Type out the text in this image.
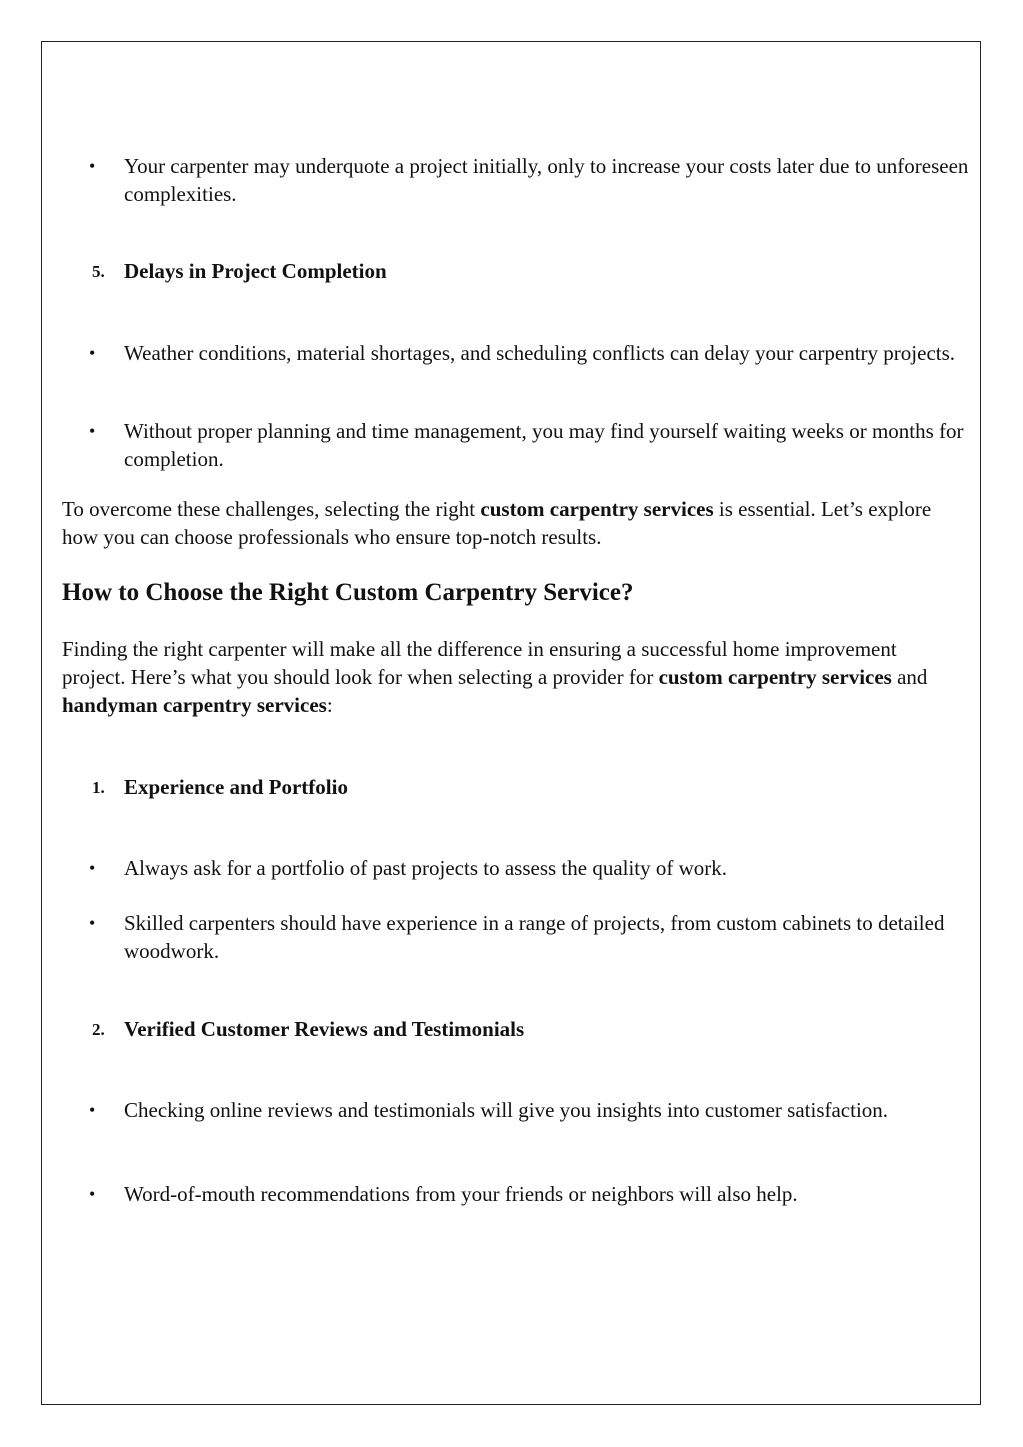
• Your carpenter may underquote a project initially, only to increase your costs later due to unforeseen complexities.

5. Delays in Project Completion

• Weather conditions, material shortages, and scheduling conflicts can delay your carpentry projects.

• Without proper planning and time management, you may find yourself waiting weeks or months for completion.

To overcome these challenges, selecting the right custom carpentry services is essential. Let’s explore how you can choose professionals who ensure top-notch results.

How to Choose the Right Custom Carpentry Service?

Finding the right carpenter will make all the difference in ensuring a successful home improvement project. Here’s what you should look for when selecting a provider for custom carpentry services and handyman carpentry services:

1. Experience and Portfolio

• Always ask for a portfolio of past projects to assess the quality of work.

• Skilled carpenters should have experience in a range of projects, from custom cabinets to detailed woodwork.

2. Verified Customer Reviews and Testimonials

• Checking online reviews and testimonials will give you insights into customer satisfaction.

• Word-of-mouth recommendations from your friends or neighbors will also help.
